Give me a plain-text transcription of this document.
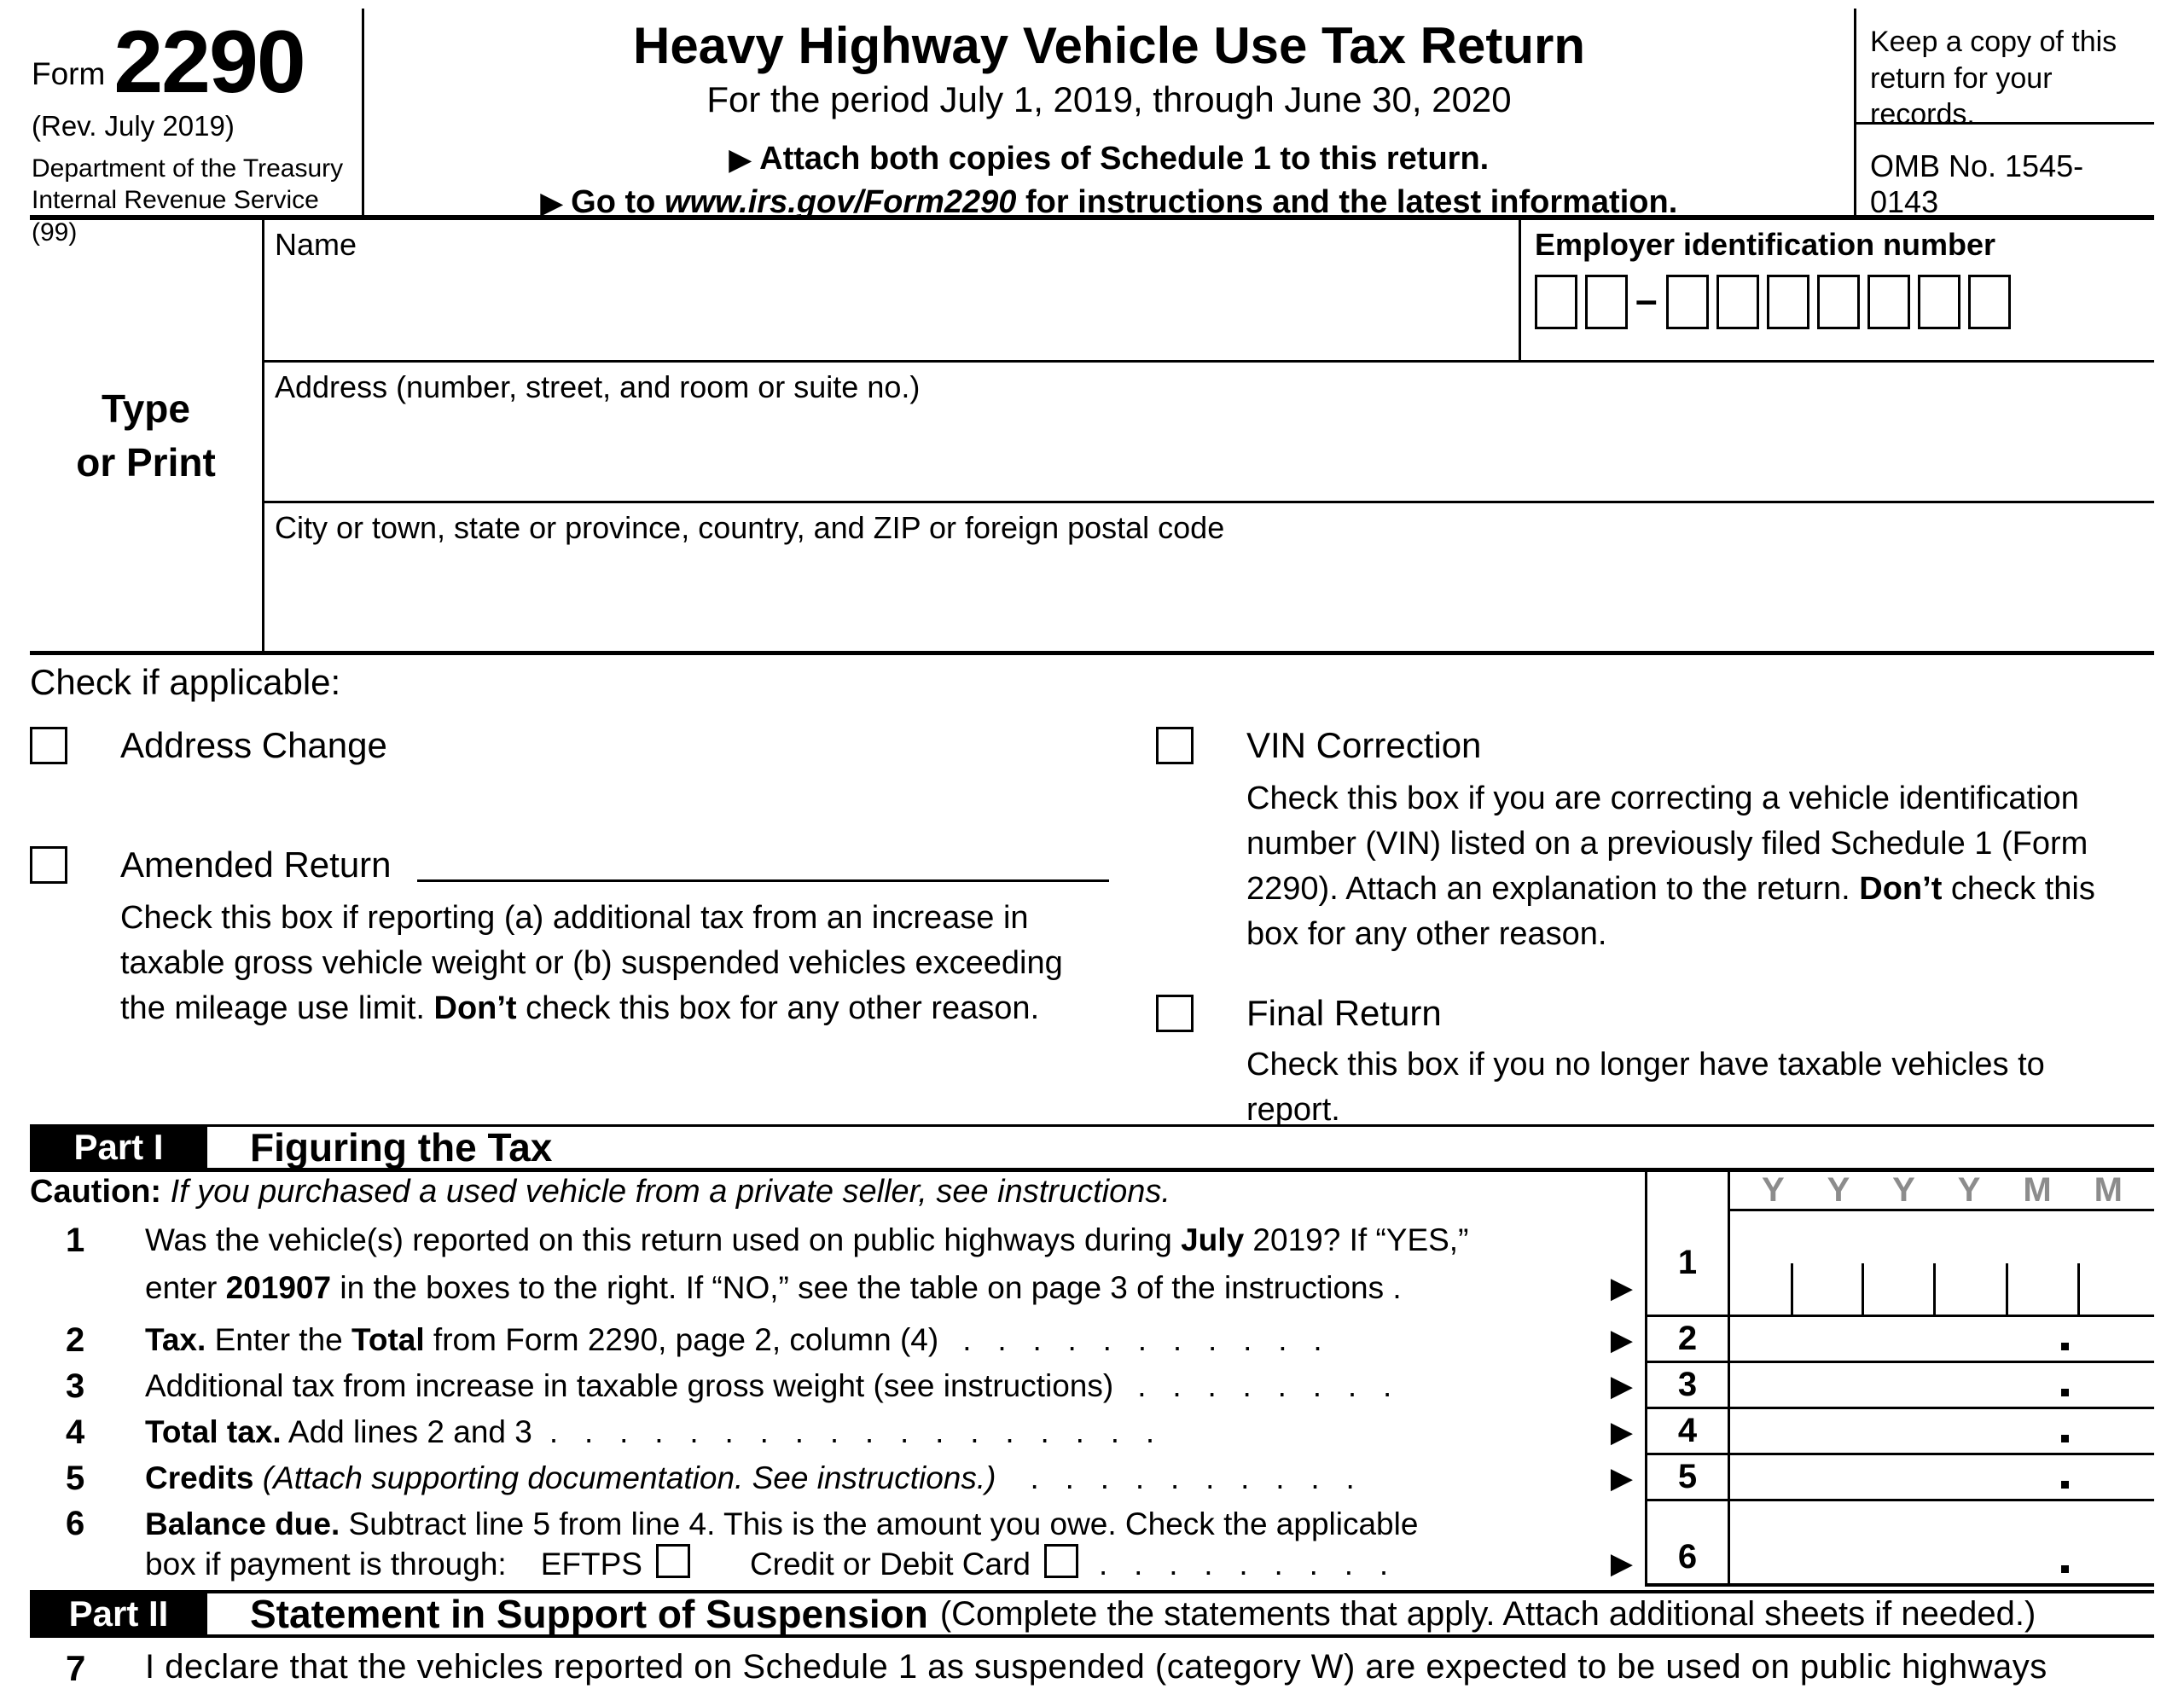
Form 2290
(Rev. July 2019)
Department of the Treasury
Internal Revenue Service (99)
Heavy Highway Vehicle Use Tax Return
For the period July 1, 2019, through June 30, 2020
▶ Attach both copies of Schedule 1 to this return.
▶ Go to www.irs.gov/Form2290 for instructions and the latest information.
Keep a copy of this return for your records.
OMB No. 1545-0143
Type
or Print
Name	Employer identification number
–
Address (number, street, and room or suite no.)
City or town, state or province, country, and ZIP or foreign postal code
Check if applicable:
Address Change
Amended Return
Check this box if reporting (a) additional tax from an increase in taxable gross vehicle weight or (b) suspended vehicles exceeding the mileage use limit. Don’t check this box for any other reason.
VIN Correction
Check this box if you are correcting a vehicle identification number (VIN) listed on a previously filed Schedule 1 (Form 2290). Attach an explanation to the return. Don’t check this box for any other reason.
Final Return
Check this box if you no longer have taxable vehicles to report.
Part I	Figuring the Tax
Caution: If you purchased a used vehicle from a private seller, see instructions.	Y Y Y Y M M
1	Was the vehicle(s) reported on this return used on public highways during July 2019? If “YES,”
enter 201907 in the boxes to the right. If “NO,” see the table on page 3 of the instructions .	▶
1
2	Tax. Enter the Total from Form 2290, page 2, column (4) .   .   .   .   .   .   .   .   .   .   .	▶	2
3	Additional tax from increase in taxable gross weight (see instructions) .   .   .   .   .   .   .   .	▶	3
4	Total tax. Add lines 2 and 3 .   .   .   .   .   .   .   .   .   .   .   .   .   .   .   .   .   .	▶	4
5	Credits (Attach supporting documentation. See instructions.) .   .   .   .   .   .   .   .   .   .	▶	5
6	Balance due. Subtract line 5 from line 4. This is the amount you owe. Check the applicable
box if payment is through: EFTPS	Credit or Debit Card .   .   .   .   .   .   .   .   .	▶	6
Part II	Statement in Support of Suspension (Complete the statements that apply. Attach additional sheets if needed.)
7	I declare that the vehicles reported on Schedule 1 as suspended (category W) are expected to be used on public highways
